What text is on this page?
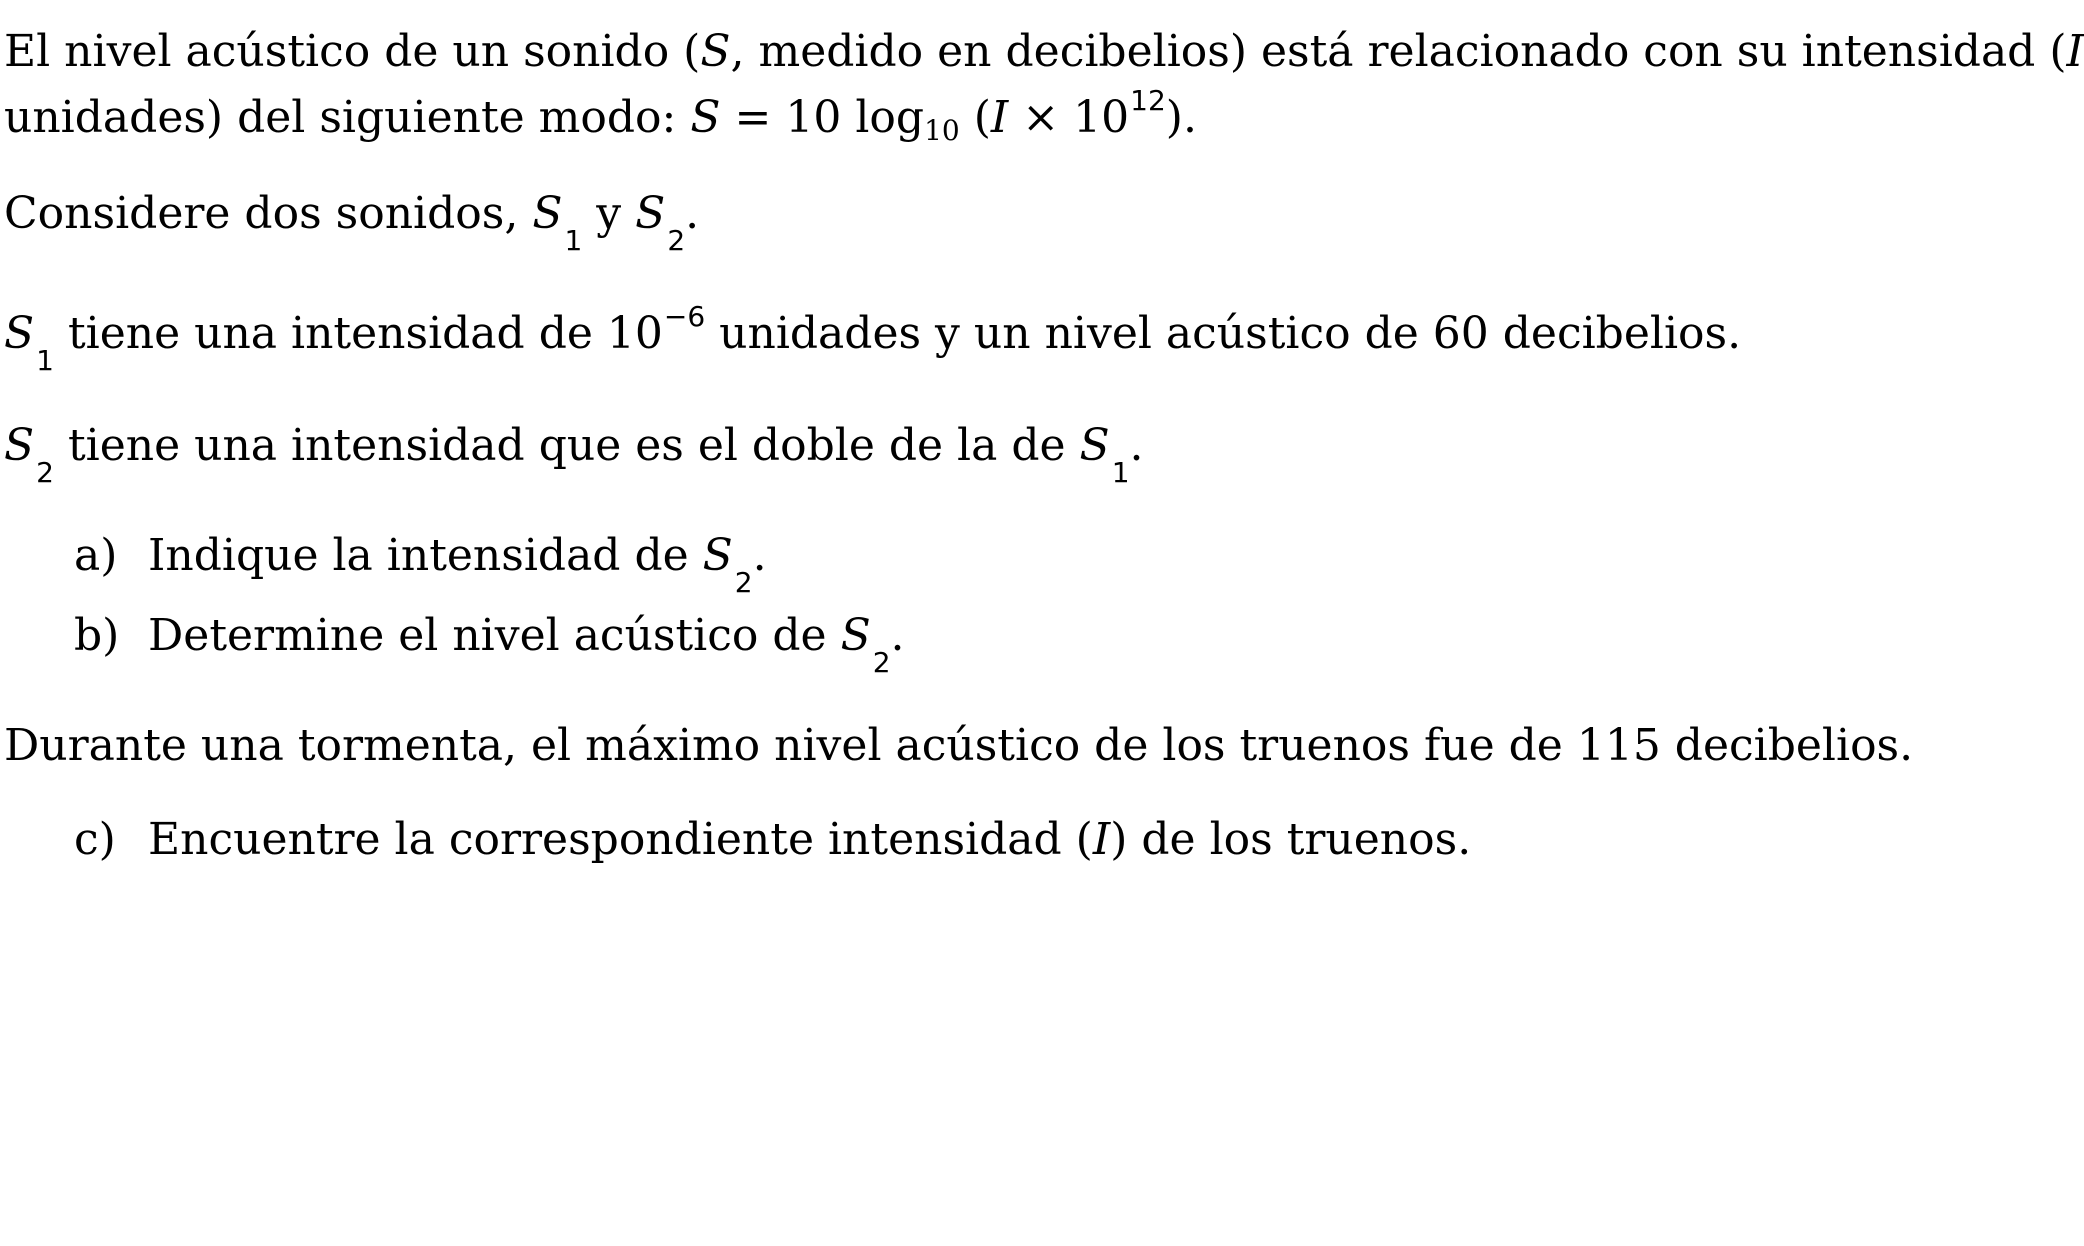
El nivel acústico de un sonido (S, medido en decibelios) está relacionado con su intensidad (I
unidades) del siguiente modo: S = 10 log10 $(I \times 10^{12})$.
Considere dos sonidos, $S_1$ y $S_2$.
$S_1$ tiene una intensidad de $10^{-6}$ unidades y un nivel acústico de 60 decibelios.
$S_2$ tiene una intensidad que es el doble de la de $S_1$.
a) Indique la intensidad de $S_2$.
b) Determine el nivel acústico de $S_2$.
Durante una tormenta, el máximo nivel acústico de los truenos fue de 115 decibelios.
c) Encuentre la correspondiente intensidad (I) de los truenos.
